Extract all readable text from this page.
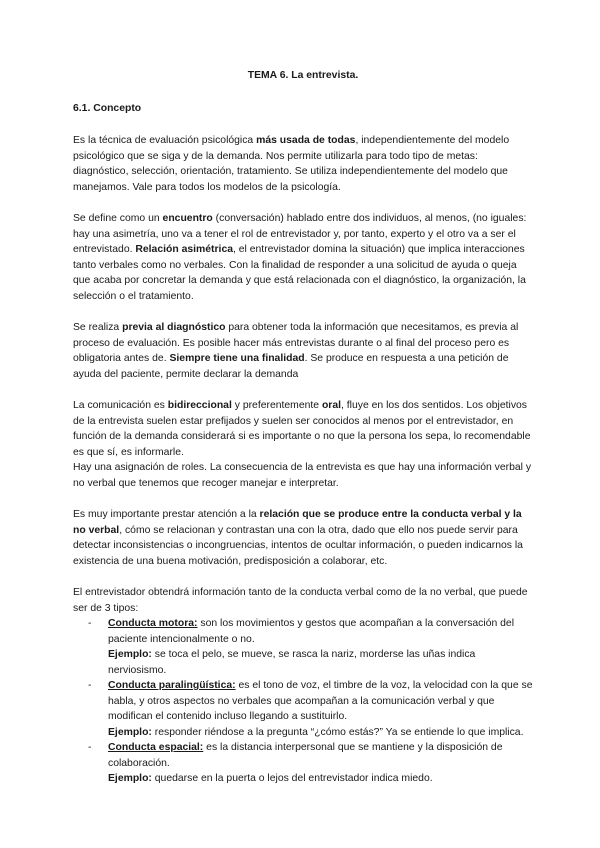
TEMA 6. La entrevista.
6.1. Concepto

Es la técnica de evaluación psicológica más usada de todas, independientemente del modelo psicológico que se siga y de la demanda. Nos permite utilizarla para todo tipo de metas: diagnóstico, selección, orientación, tratamiento. Se utiliza independientemente del modelo que manejamos. Vale para todos los modelos de la psicología.

Se define como un encuentro (conversación) hablado entre dos individuos, al menos, (no iguales: hay una asimetría, uno va a tener el rol de entrevistador y, por tanto, experto y el otro va a ser el entrevistado. Relación asimétrica, el entrevistador domina la situación) que implica interacciones tanto verbales como no verbales. Con la finalidad de responder a una solicitud de ayuda o queja que acaba por concretar la demanda y que está relacionada con el diagnóstico, la organización, la selección o el tratamiento.

Se realiza previa al diagnóstico para obtener toda la información que necesitamos, es previa al proceso de evaluación. Es posible hacer más entrevistas durante o al final del proceso pero es obligatoria antes de. Siempre tiene una finalidad. Se produce en respuesta a una petición de ayuda del paciente, permite declarar la demanda

La comunicación es bidireccional y preferentemente oral, fluye en los dos sentidos. Los objetivos de la entrevista suelen estar prefijados y suelen ser conocidos al menos por el entrevistador, en función de la demanda considerará si es importante o no que la persona los sepa, lo recomendable es que sí, es informarle.
Hay una asignación de roles. La consecuencia de la entrevista es que hay una información verbal y no verbal que tenemos que recoger manejar e interpretar.

Es muy importante prestar atención a la relación que se produce entre la conducta verbal y la no verbal, cómo se relacionan y contrastan una con la otra, dado que ello nos puede servir para detectar inconsistencias o incongruencias, intentos de ocultar información, o pueden indicarnos la existencia de una buena motivación, predisposición a colaborar, etc.

El entrevistador obtendrá información tanto de la conducta verbal como de la no verbal, que puede ser de 3 tipos:

- Conducta motora: son los movimientos y gestos que acompañan a la conversación del paciente intencionalmente o no.
Ejemplo: se toca el pelo, se mueve, se rasca la nariz, morderse las uñas indica nerviosismo.
- Conducta paralingüística: es el tono de voz, el timbre de la voz, la velocidad con la que se habla, y otros aspectos no verbales que acompañan a la comunicación verbal y que modifican el contenido incluso llegando a sustituirlo.
Ejemplo: responder riéndose a la pregunta “¿cómo estás?” Ya se entiende lo que implica.
- Conducta espacial: es la distancia interpersonal que se mantiene y la disposición de colaboración.
Ejemplo: quedarse en la puerta o lejos del entrevistador indica miedo.
